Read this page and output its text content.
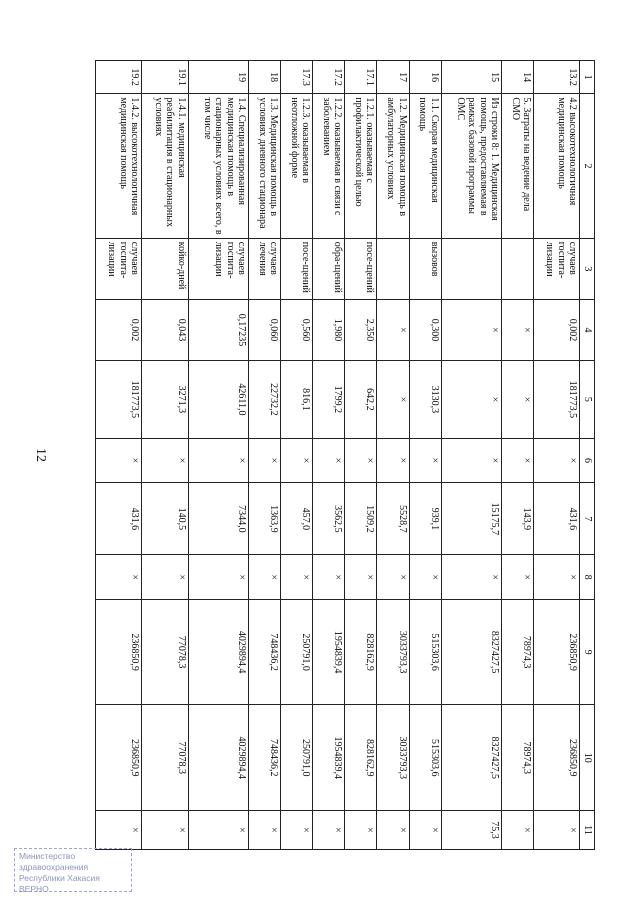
12
1	2	3	4	5	6	7	8	9	10	11
13.2	4.2 высокотехнологичная медицинская помощь	случаев госпита-лизации	0,002	181773,5	×	431,6	×	236850,9	236850,9	×
14	5. Затраты на ведение дела СМО		×	×	×	143,9	×	78974,3	78974,3	×
15	Из строки 8: 1. Медицинская помощь, предоставляемая в рамках базовой программы ОМС		×	×	×	15175,7	×	8327427,5	8327427,5	75,3
16	1.1. Скорая медицинская помощь	вызовов	0,300	3130,3	×	939,1	×	515303,6	515303,6	×
17	1.2. Медицинская помощь в амбулаторных условиях		×	×	×	5528,7	×	3033793,3	3033793,3	×
17.1	1.2.1. оказываемая с профилактической целью	посе-щений	2,350	642,2	×	1509,2	×	828162,9	828162,9	×
17.2	1.2.2. оказываемая в связи с заболеванием	обра-щений	1,980	1799,2	×	3562,5	×	1954839,4	1954839,4	×
17.3	1.2.3. оказываемая в неотложной форме	посе-щений	0,560	816,1	×	457,0	×	250791,0	250791,0	×
18	1.3. Медицинская помощь в условиях дневного стационара	случаев лечения	0,060	22732,2	×	1363,9	×	748436,2	748436,2	×
19	1.4. Специализированная медицинская помощь в стационарных условиях всего, в том числе	случаев госпита-лизации	0,17235	42611,0	×	7344,0	×	4029894,4	4029894,4	×
19.1	1.4.1. медицинская реабилитация в стационарных условиях	койко-дней	0,043	3271,3	×	140,5	×	77078,3	77078,3	×
19.2	1.4.2. высокотехнологичная медицинская помощь	случаев госпита-лизации	0,002	181773,5	×	431,6	×	236850,9	236850,9	×
Министерство здравоохранения
Республики Хакасия
ВЕРНО
